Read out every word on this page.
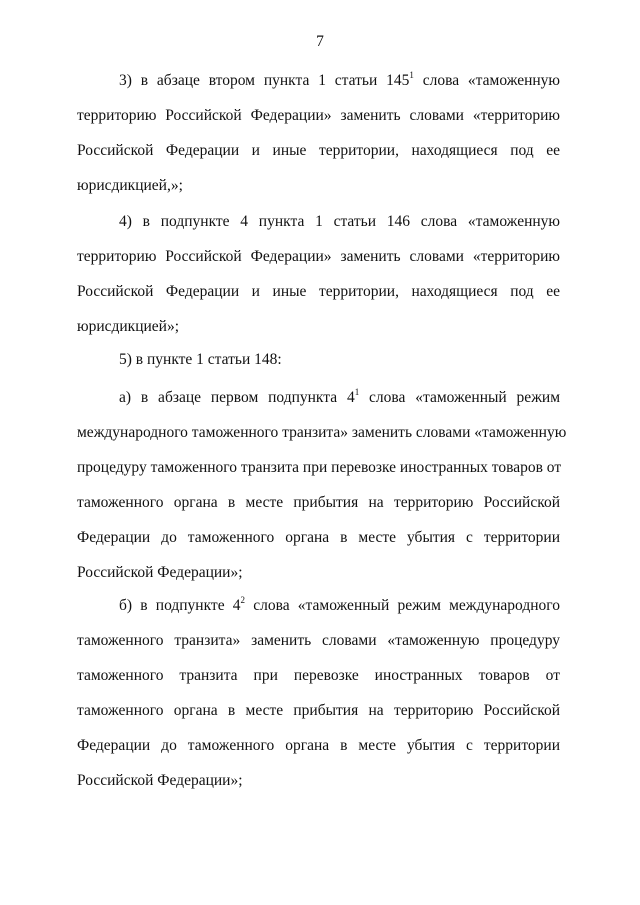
7
3) в абзаце втором пункта 1 статьи $145^1$ слова «таможенную
территорию Российской Федерации» заменить словами «территорию
Российской Федерации и иные территории, находящиеся под ее
юрисдикцией,»;
4) в подпункте 4 пункта 1 статьи 146 слова «таможенную
территорию Российской Федерации» заменить словами «территорию
Российской Федерации и иные территории, находящиеся под ее
юрисдикцией»;
5) в пункте 1 статьи 148:
а) в абзаце первом подпункта $4^1$ слова «таможенный режим
международного таможенного транзита» заменить словами «таможенную
процедуру таможенного транзита при перевозке иностранных товаров от
таможенного органа в месте прибытия на территорию Российской
Федерации до таможенного органа в месте убытия с территории
Российской Федерации»;
б) в подпункте $4^2$ слова «таможенный режим международного
таможенного транзита» заменить словами «таможенную процедуру
таможенного транзита при перевозке иностранных товаров от
таможенного органа в месте прибытия на территорию Российской
Федерации до таможенного органа в месте убытия с территории
Российской Федерации»;
